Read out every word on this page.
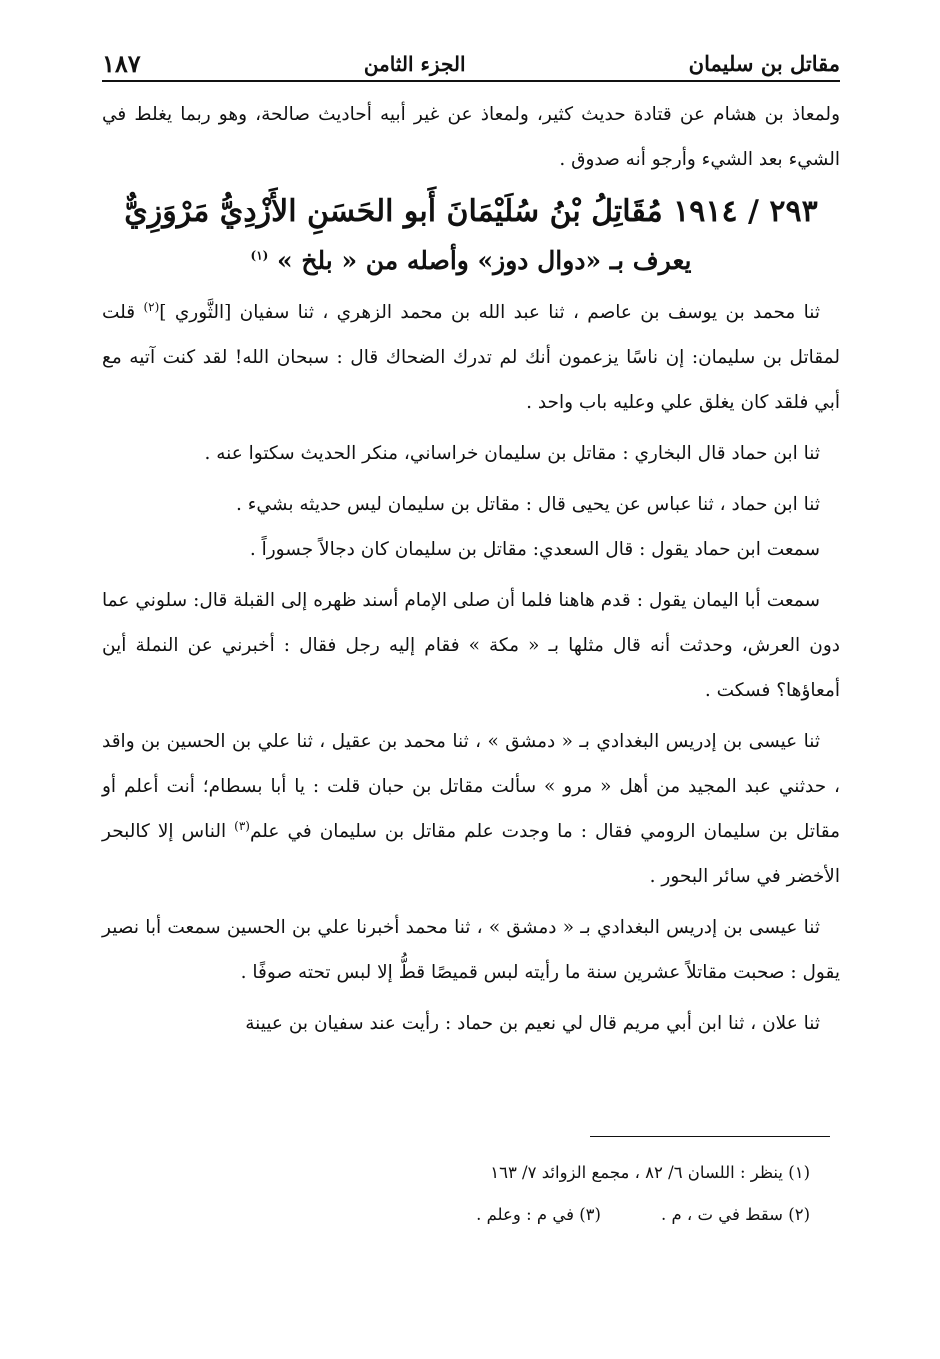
مقاتل بن سليمان
الجزء الثامن
١٨٧

ولمعاذ بن هشام عن قتادة حديث كثير، ولمعاذ عن غير أبيه أحاديث صالحة، وهو ربما يغلط في الشيء بعد الشيء وأرجو أنه صدوق .

٢٩٣ / ١٩١٤ مُقَاتِلُ بْنُ سُلَيْمَانَ أَبو الحَسَنِ الأَزْدِيُّ مَرْوَزِيٌّ
يعرف بـ «دوال دوز» وأصله من « بلخ » $^{(١)}$

ثنا محمد بن يوسف بن عاصم ، ثنا عبد الله بن محمد الزهري ، ثنا سفيان [الثَّوري ]$^{(٢)}$ قلت لمقاتل بن سليمان: إن ناسًا يزعمون أنك لم تدرك الضحاك قال : سبحان الله! لقد كنت آتيه مع أبي فلقد كان يغلق علي وعليه باب واحد .

ثنا ابن حماد قال البخاري : مقاتل بن سليمان خراساني، منكر الحديث سكتوا عنه .

ثنا ابن حماد ، ثنا عباس عن يحيى قال : مقاتل بن سليمان ليس حديثه بشيء .

سمعت ابن حماد يقول : قال السعدي: مقاتل بن سليمان كان دجالاً جسوراً .

سمعت أبا اليمان يقول : قدم هاهنا فلما أن صلى الإمام أسند ظهره إلى القبلة قال: سلوني عما دون العرش، وحدثت أنه قال مثلها بـ « مكة » فقام إليه رجل فقال : أخبرني عن النملة أين أمعاؤها؟ فسكت .

ثنا عيسى بن إدريس البغدادي بـ « دمشق » ، ثنا محمد بن عقيل ، ثنا علي بن الحسين بن واقد ، حدثني عبد المجيد من أهل « مرو » سألت مقاتل بن حبان قلت : يا أبا بسطام؛ أنت أعلم أو مقاتل بن سليمان الرومي فقال : ما وجدت علم مقاتل بن سليمان في علم$^{(٣)}$ الناس إلا كالبحر الأخضر في سائر البحور .

ثنا عيسى بن إدريس البغدادي بـ « دمشق » ، ثنا محمد أخبرنا علي بن الحسين سمعت أبا نصير يقول : صحبت مقاتلاً عشرين سنة ما رأيته لبس قميصًا قطُّ إلا لبس تحته صوفًا .

ثنا علان ، ثنا ابن أبي مريم قال لي نعيم بن حماد : رأيت عند سفيان بن عيينة

(١) ينظر : اللسان ٦/ ٨٢ ، مجمع الزوائد ٧/ ١٦٣
(٢) سقط في ت ، م .
(٣) في م : وعلم .
